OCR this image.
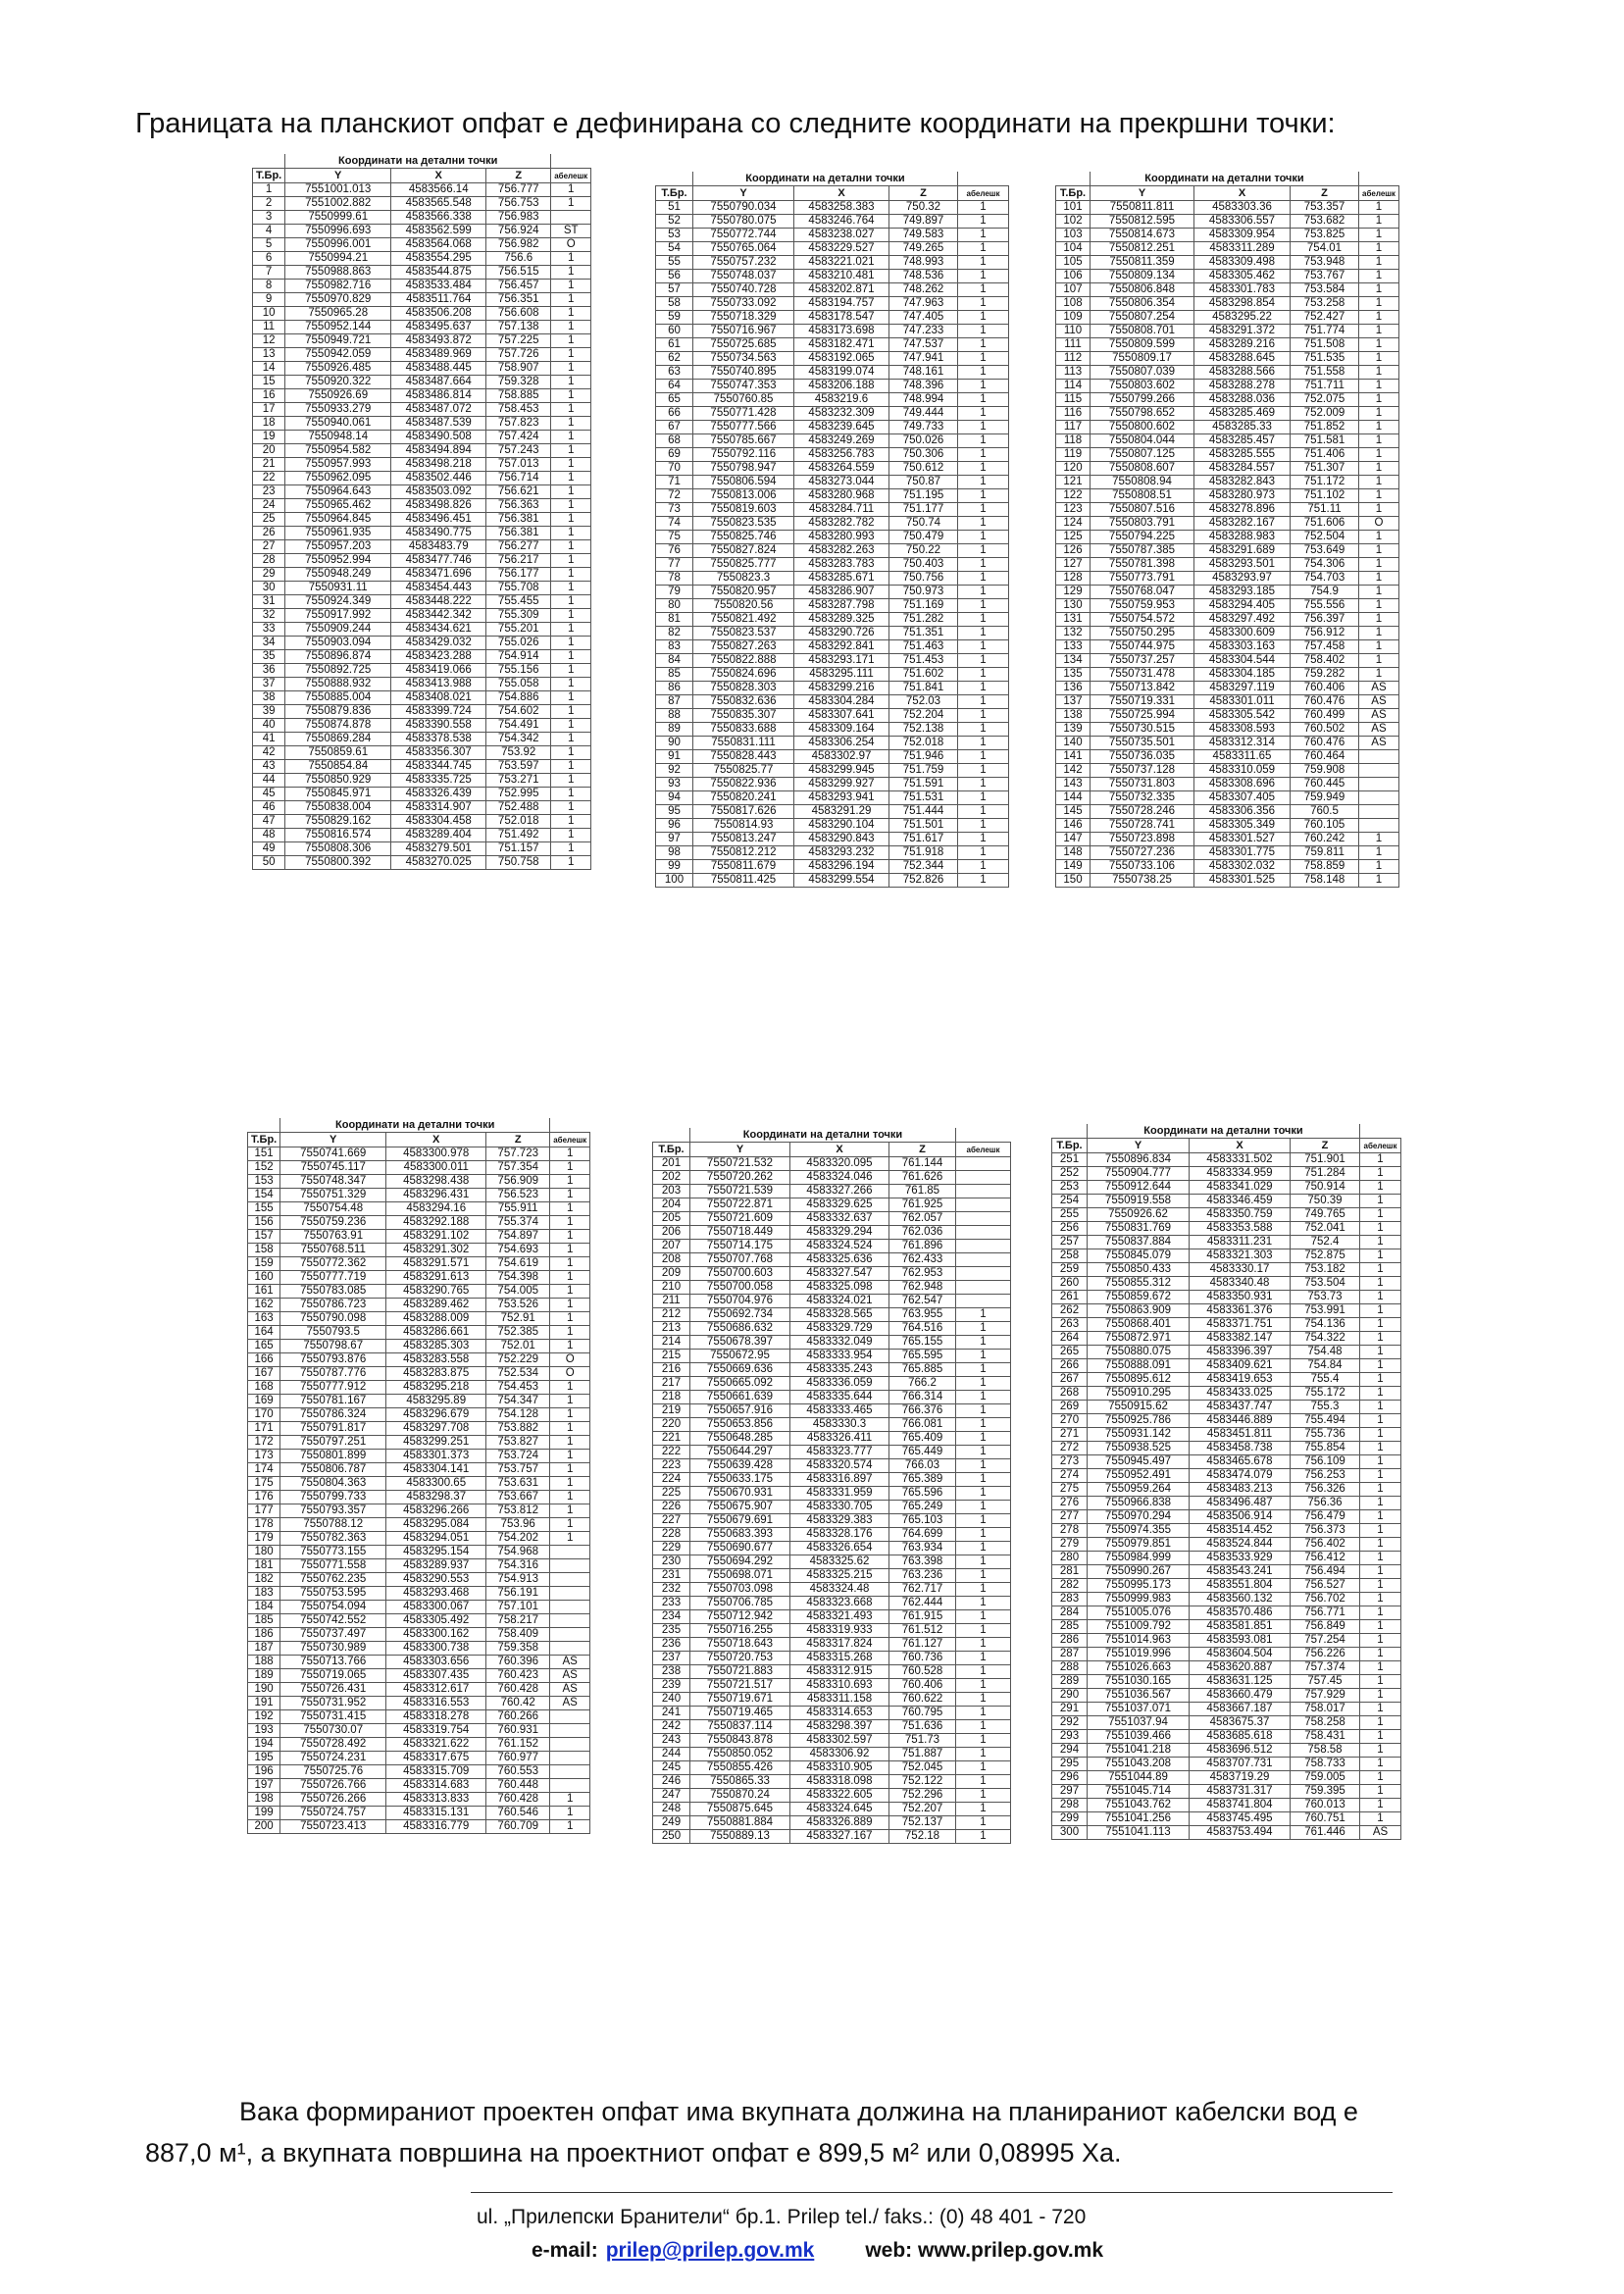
Границата на планскиот опфат е дефинирана со следните координати на прекршни точки:
	Координати на детални точки			
Т.Бр.	Y	X	Z	абелешк
1	7551001.013	4583566.14	756.777	1
2	7551002.882	4583565.548	756.753	1
3	7550999.61	4583566.338	756.983	
4	7550996.693	4583562.599	756.924	ST
5	7550996.001	4583564.068	756.982	O
6	7550994.21	4583554.295	756.6	1
7	7550988.863	4583544.875	756.515	1
8	7550982.716	4583533.484	756.457	1
9	7550970.829	4583511.764	756.351	1
10	7550965.28	4583506.208	756.608	1
11	7550952.144	4583495.637	757.138	1
12	7550949.721	4583493.872	757.225	1
13	7550942.059	4583489.969	757.726	1
14	7550926.485	4583488.445	758.907	1
15	7550920.322	4583487.664	759.328	1
16	7550926.69	4583486.814	758.885	1
17	7550933.279	4583487.072	758.453	1
18	7550940.061	4583487.539	757.823	1
19	7550948.14	4583490.508	757.424	1
20	7550954.582	4583494.894	757.243	1
21	7550957.993	4583498.218	757.013	1
22	7550962.095	4583502.446	756.714	1
23	7550964.643	4583503.092	756.621	1
24	7550965.462	4583498.826	756.363	1
25	7550964.845	4583496.451	756.381	1
26	7550961.935	4583490.775	756.381	1
27	7550957.203	4583483.79	756.277	1
28	7550952.994	4583477.746	756.217	1
29	7550948.249	4583471.696	756.177	1
30	7550931.11	4583454.443	755.708	1
31	7550924.349	4583448.222	755.455	1
32	7550917.992	4583442.342	755.309	1
33	7550909.244	4583434.621	755.201	1
34	7550903.094	4583429.032	755.026	1
35	7550896.874	4583423.288	754.914	1
36	7550892.725	4583419.066	755.156	1
37	7550888.932	4583413.988	755.058	1
38	7550885.004	4583408.021	754.886	1
39	7550879.836	4583399.724	754.602	1
40	7550874.878	4583390.558	754.491	1
41	7550869.284	4583378.538	754.342	1
42	7550859.61	4583356.307	753.92	1
43	7550854.84	4583344.745	753.597	1
44	7550850.929	4583335.725	753.271	1
45	7550845.971	4583326.439	752.995	1
46	7550838.004	4583314.907	752.488	1
47	7550829.162	4583304.458	752.018	1
48	7550816.574	4583289.404	751.492	1
49	7550808.306	4583279.501	751.157	1
50	7550800.392	4583270.025	750.758	1
	Координати на детални точки			
Т.Бр.	Y	X	Z	абелешк
51	7550790.034	4583258.383	750.32	1
52	7550780.075	4583246.764	749.897	1
53	7550772.744	4583238.027	749.583	1
54	7550765.064	4583229.527	749.265	1
55	7550757.232	4583221.021	748.993	1
56	7550748.037	4583210.481	748.536	1
57	7550740.728	4583202.871	748.262	1
58	7550733.092	4583194.757	747.963	1
59	7550718.329	4583178.547	747.405	1
60	7550716.967	4583173.698	747.233	1
61	7550725.685	4583182.471	747.537	1
62	7550734.563	4583192.065	747.941	1
63	7550740.895	4583199.074	748.161	1
64	7550747.353	4583206.188	748.396	1
65	7550760.85	4583219.6	748.994	1
66	7550771.428	4583232.309	749.444	1
67	7550777.566	4583239.645	749.733	1
68	7550785.667	4583249.269	750.026	1
69	7550792.116	4583256.783	750.306	1
70	7550798.947	4583264.559	750.612	1
71	7550806.594	4583273.044	750.87	1
72	7550813.006	4583280.968	751.195	1
73	7550819.603	4583284.711	751.177	1
74	7550823.535	4583282.782	750.74	1
75	7550825.746	4583280.993	750.479	1
76	7550827.824	4583282.263	750.22	1
77	7550825.777	4583283.783	750.403	1
78	7550823.3	4583285.671	750.756	1
79	7550820.957	4583286.907	750.973	1
80	7550820.56	4583287.798	751.169	1
81	7550821.492	4583289.325	751.282	1
82	7550823.537	4583290.726	751.351	1
83	7550827.263	4583292.841	751.463	1
84	7550822.888	4583293.171	751.453	1
85	7550824.696	4583295.111	751.602	1
86	7550828.303	4583299.216	751.841	1
87	7550832.636	4583304.284	752.03	1
88	7550835.307	4583307.641	752.204	1
89	7550833.688	4583309.164	752.138	1
90	7550831.111	4583306.254	752.018	1
91	7550828.443	4583302.97	751.946	1
92	7550825.77	4583299.945	751.759	1
93	7550822.936	4583299.927	751.591	1
94	7550820.241	4583293.941	751.531	1
95	7550817.626	4583291.29	751.444	1
96	7550814.93	4583290.104	751.501	1
97	7550813.247	4583290.843	751.617	1
98	7550812.212	4583293.232	751.918	1
99	7550811.679	4583296.194	752.344	1
100	7550811.425	4583299.554	752.826	1
	Координати на детални точки			
Т.Бр.	Y	X	Z	абелешк
101	7550811.811	4583303.36	753.357	1
102	7550812.595	4583306.557	753.682	1
103	7550814.673	4583309.954	753.825	1
104	7550812.251	4583311.289	754.01	1
105	7550811.359	4583309.498	753.948	1
106	7550809.134	4583305.462	753.767	1
107	7550806.848	4583301.783	753.584	1
108	7550806.354	4583298.854	753.258	1
109	7550807.254	4583295.22	752.427	1
110	7550808.701	4583291.372	751.774	1
111	7550809.599	4583289.216	751.508	1
112	7550809.17	4583288.645	751.535	1
113	7550807.039	4583288.566	751.558	1
114	7550803.602	4583288.278	751.711	1
115	7550799.266	4583288.036	752.075	1
116	7550798.652	4583285.469	752.009	1
117	7550800.602	4583285.33	751.852	1
118	7550804.044	4583285.457	751.581	1
119	7550807.125	4583285.555	751.406	1
120	7550808.607	4583284.557	751.307	1
121	7550808.94	4583282.843	751.172	1
122	7550808.51	4583280.973	751.102	1
123	7550807.516	4583278.896	751.11	1
124	7550803.791	4583282.167	751.606	O
125	7550794.225	4583288.983	752.504	1
126	7550787.385	4583291.689	753.649	1
127	7550781.398	4583293.501	754.306	1
128	7550773.791	4583293.97	754.703	1
129	7550768.047	4583293.185	754.9	1
130	7550759.953	4583294.405	755.556	1
131	7550754.572	4583297.492	756.397	1
132	7550750.295	4583300.609	756.912	1
133	7550744.975	4583303.163	757.458	1
134	7550737.257	4583304.544	758.402	1
135	7550731.478	4583304.185	759.282	1
136	7550713.842	4583297.119	760.406	AS
137	7550719.331	4583301.011	760.476	AS
138	7550725.994	4583305.542	760.499	AS
139	7550730.515	4583308.593	760.502	AS
140	7550735.501	4583312.314	760.476	AS
141	7550736.035	4583311.65	760.464	
142	7550737.128	4583310.059	759.908	
143	7550731.803	4583308.696	760.445	
144	7550732.335	4583307.405	759.949	
145	7550728.246	4583306.356	760.5	
146	7550728.741	4583305.349	760.105	
147	7550723.898	4583301.527	760.242	1
148	7550727.236	4583301.775	759.811	1
149	7550733.106	4583302.032	758.859	1
150	7550738.25	4583301.525	758.148	1
	Координати на детални точки			
Т.Бр.	Y	X	Z	абелешк
151	7550741.669	4583300.978	757.723	1
152	7550745.117	4583300.011	757.354	1
153	7550748.347	4583298.438	756.909	1
154	7550751.329	4583296.431	756.523	1
155	7550754.48	4583294.16	755.911	1
156	7550759.236	4583292.188	755.374	1
157	7550763.91	4583291.102	754.897	1
158	7550768.511	4583291.302	754.693	1
159	7550772.362	4583291.571	754.619	1
160	7550777.719	4583291.613	754.398	1
161	7550783.085	4583290.765	754.005	1
162	7550786.723	4583289.462	753.526	1
163	7550790.098	4583288.009	752.91	1
164	7550793.5	4583286.661	752.385	1
165	7550798.67	4583285.303	752.01	1
166	7550793.876	4583283.558	752.229	O
167	7550787.776	4583283.875	752.534	O
168	7550777.912	4583295.218	754.453	1
169	7550781.167	4583295.89	754.347	1
170	7550786.324	4583296.679	754.128	1
171	7550791.817	4583297.708	753.882	1
172	7550797.251	4583299.251	753.827	1
173	7550801.899	4583301.373	753.724	1
174	7550806.787	4583304.141	753.757	1
175	7550804.363	4583300.65	753.631	1
176	7550799.733	4583298.37	753.667	1
177	7550793.357	4583296.266	753.812	1
178	7550788.12	4583295.084	753.96	1
179	7550782.363	4583294.051	754.202	1
180	7550773.155	4583295.154	754.968	
181	7550771.558	4583289.937	754.316	
182	7550762.235	4583290.553	754.913	
183	7550753.595	4583293.468	756.191	
184	7550754.094	4583300.067	757.101	
185	7550742.552	4583305.492	758.217	
186	7550737.497	4583300.162	758.409	
187	7550730.989	4583300.738	759.358	
188	7550713.766	4583303.656	760.396	AS
189	7550719.065	4583307.435	760.423	AS
190	7550726.431	4583312.617	760.428	AS
191	7550731.952	4583316.553	760.42	AS
192	7550731.415	4583318.278	760.266	
193	7550730.07	4583319.754	760.931	
194	7550728.492	4583321.622	761.152	
195	7550724.231	4583317.675	760.977	
196	7550725.76	4583315.709	760.553	
197	7550726.766	4583314.683	760.448	
198	7550726.266	4583313.833	760.428	1
199	7550724.757	4583315.131	760.546	1
200	7550723.413	4583316.779	760.709	1
	Координати на детални точки			
Т.Бр.	Y	X	Z	абелешк
201	7550721.532	4583320.095	761.144	
202	7550720.262	4583324.046	761.626	
203	7550721.539	4583327.266	761.85	
204	7550722.871	4583329.625	761.925	
205	7550721.609	4583332.637	762.057	
206	7550718.449	4583329.294	762.036	
207	7550714.175	4583324.524	761.896	
208	7550707.768	4583325.636	762.433	
209	7550700.603	4583327.547	762.953	
210	7550700.058	4583325.098	762.948	
211	7550704.976	4583324.021	762.547	
212	7550692.734	4583328.565	763.955	1
213	7550686.632	4583329.729	764.516	1
214	7550678.397	4583332.049	765.155	1
215	7550672.95	4583333.954	765.595	1
216	7550669.636	4583335.243	765.885	1
217	7550665.092	4583336.059	766.2	1
218	7550661.639	4583335.644	766.314	1
219	7550657.916	4583333.465	766.376	1
220	7550653.856	4583330.3	766.081	1
221	7550648.285	4583326.411	765.409	1
222	7550644.297	4583323.777	765.449	1
223	7550639.428	4583320.574	766.03	1
224	7550633.175	4583316.897	765.389	1
225	7550670.931	4583331.959	765.596	1
226	7550675.907	4583330.705	765.249	1
227	7550679.691	4583329.383	765.103	1
228	7550683.393	4583328.176	764.699	1
229	7550690.677	4583326.654	763.934	1
230	7550694.292	4583325.62	763.398	1
231	7550698.071	4583325.215	763.236	1
232	7550703.098	4583324.48	762.717	1
233	7550706.785	4583323.668	762.444	1
234	7550712.942	4583321.493	761.915	1
235	7550716.255	4583319.933	761.512	1
236	7550718.643	4583317.824	761.127	1
237	7550720.753	4583315.268	760.736	1
238	7550721.883	4583312.915	760.528	1
239	7550721.517	4583310.693	760.406	1
240	7550719.671	4583311.158	760.622	1
241	7550719.465	4583314.653	760.795	1
242	7550837.114	4583298.397	751.636	1
243	7550843.878	4583302.597	751.73	1
244	7550850.052	4583306.92	751.887	1
245	7550855.426	4583310.905	752.045	1
246	7550865.33	4583318.098	752.122	1
247	7550870.24	4583322.605	752.296	1
248	7550875.645	4583324.645	752.207	1
249	7550881.884	4583326.889	752.137	1
250	7550889.13	4583327.167	752.18	1
	Координати на детални точки			
Т.Бр.	Y	X	Z	абелешк
251	7550896.834	4583331.502	751.901	1
252	7550904.777	4583334.959	751.284	1
253	7550912.644	4583341.029	750.914	1
254	7550919.558	4583346.459	750.39	1
255	7550926.62	4583350.759	749.765	1
256	7550831.769	4583353.588	752.041	1
257	7550837.884	4583311.231	752.4	1
258	7550845.079	4583321.303	752.875	1
259	7550850.433	4583330.17	753.182	1
260	7550855.312	4583340.48	753.504	1
261	7550859.672	4583350.931	753.73	1
262	7550863.909	4583361.376	753.991	1
263	7550868.401	4583371.751	754.136	1
264	7550872.971	4583382.147	754.322	1
265	7550880.075	4583396.397	754.48	1
266	7550888.091	4583409.621	754.84	1
267	7550895.612	4583419.653	755.4	1
268	7550910.295	4583433.025	755.172	1
269	7550915.62	4583437.747	755.3	1
270	7550925.786	4583446.889	755.494	1
271	7550931.142	4583451.811	755.736	1
272	7550938.525	4583458.738	755.854	1
273	7550945.497	4583465.678	756.109	1
274	7550952.491	4583474.079	756.253	1
275	7550959.264	4583483.213	756.326	1
276	7550966.838	4583496.487	756.36	1
277	7550970.294	4583506.914	756.479	1
278	7550974.355	4583514.452	756.373	1
279	7550979.851	4583524.844	756.402	1
280	7550984.999	4583533.929	756.412	1
281	7550990.267	4583543.241	756.494	1
282	7550995.173	4583551.804	756.527	1
283	7550999.983	4583560.132	756.702	1
284	7551005.076	4583570.486	756.771	1
285	7551009.792	4583581.851	756.849	1
286	7551014.963	4583593.081	757.254	1
287	7551019.996	4583604.504	756.226	1
288	7551026.663	4583620.887	757.374	1
289	7551030.165	4583631.125	757.45	1
290	7551036.567	4583660.479	757.929	1
291	7551037.071	4583667.187	758.017	1
292	7551037.94	4583675.37	758.258	1
293	7551039.466	4583685.618	758.431	1
294	7551041.218	4583696.512	758.58	1
295	7551043.208	4583707.731	758.733	1
296	7551044.89	4583719.29	759.005	1
297	7551045.714	4583731.317	759.395	1
298	7551043.762	4583741.804	760.013	1
299	7551041.256	4583745.495	760.751	1
300	7551041.113	4583753.494	761.446	AS
Вака формираниот проектен опфат има вкупната должина на планираниот кабелски вод е
887,0 м¹, а вкупната површина на проектниот опфат е 899,5 м² или 0,08995 Ха.
ul. „Прилепски Бранители“ бр.1. Prilep tel./ faks.: (0) 48 401 - 720
e-mail: prilep@prilep.gov.mk web: www.prilep.gov.mk
